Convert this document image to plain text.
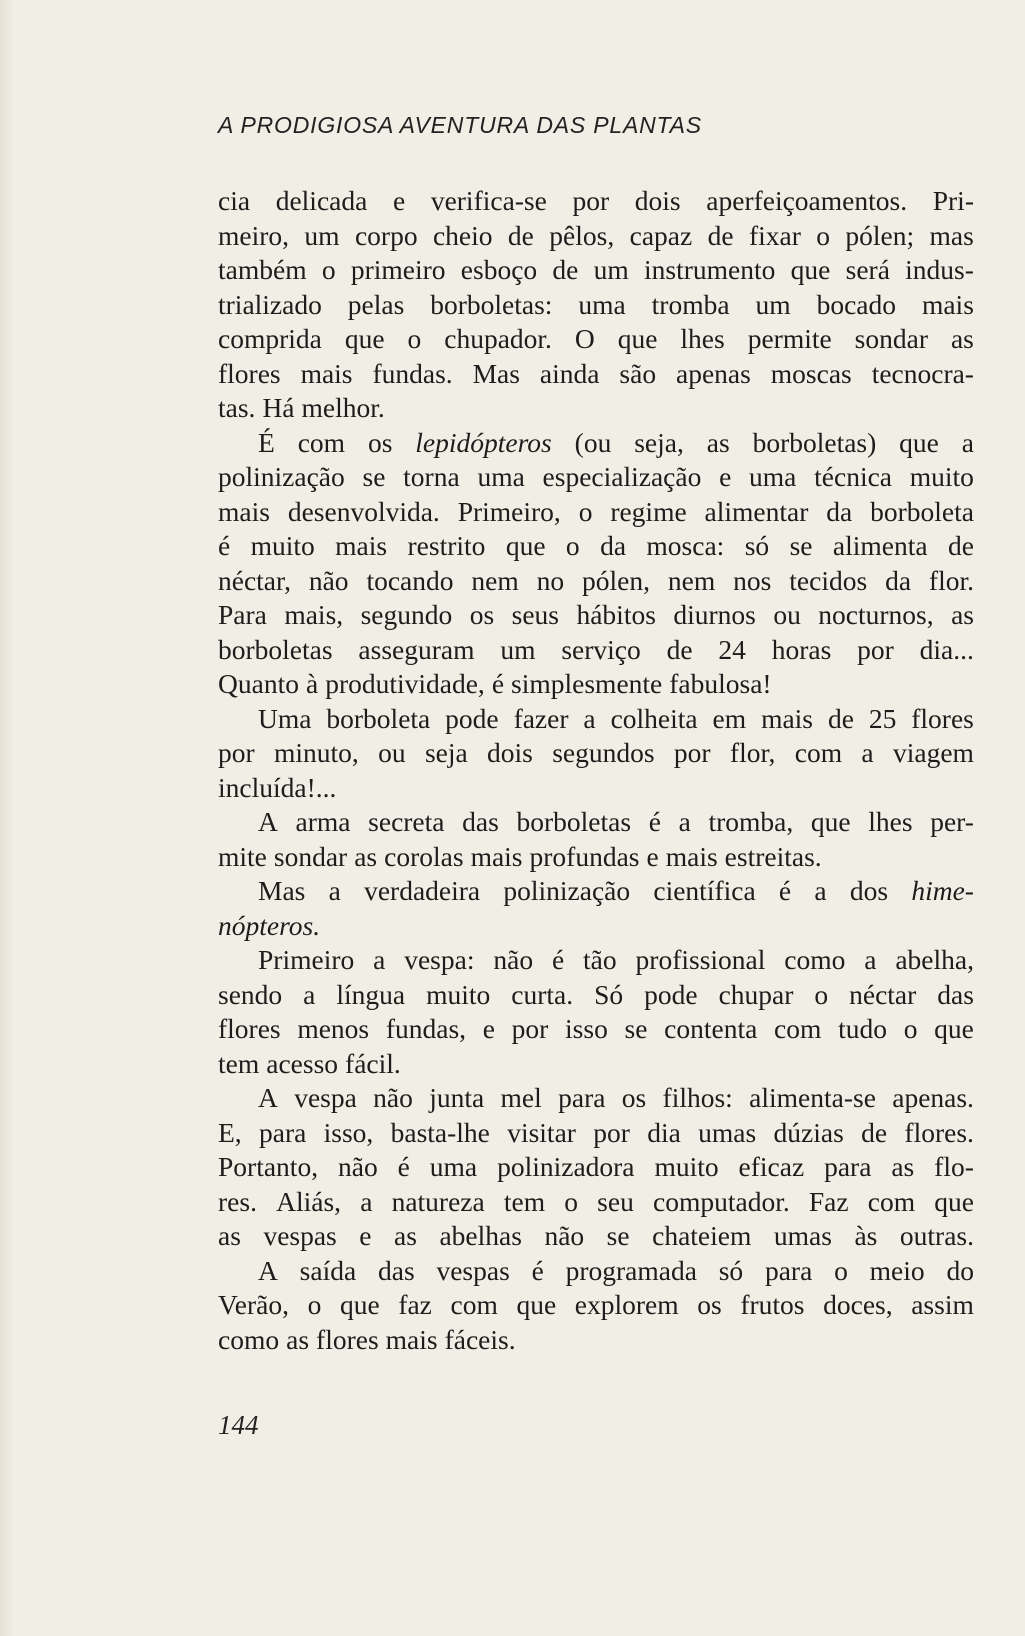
A PRODIGIOSA AVENTURA DAS PLANTAS
cia delicada e verifica-se por dois aperfeiçoamentos. Pri-
meiro, um corpo cheio de pêlos, capaz de fixar o pólen; mas
também o primeiro esboço de um instrumento que será indus-
trializado pelas borboletas: uma tromba um bocado mais
comprida que o chupador. O que lhes permite sondar as
flores mais fundas. Mas ainda são apenas moscas tecnocra-
tas. Há melhor.
É com os lepidópteros (ou seja, as borboletas) que a
polinização se torna uma especialização e uma técnica muito
mais desenvolvida. Primeiro, o regime alimentar da borboleta
é muito mais restrito que o da mosca: só se alimenta de
néctar, não tocando nem no pólen, nem nos tecidos da flor.
Para mais, segundo os seus hábitos diurnos ou nocturnos, as
borboletas asseguram um serviço de 24 horas por dia...
Quanto à produtividade, é simplesmente fabulosa!
Uma borboleta pode fazer a colheita em mais de 25 flores
por minuto, ou seja dois segundos por flor, com a viagem
incluída!...
A arma secreta das borboletas é a tromba, que lhes per-
mite sondar as corolas mais profundas e mais estreitas.
Mas a verdadeira polinização científica é a dos hime-
nópteros.
Primeiro a vespa: não é tão profissional como a abelha,
sendo a língua muito curta. Só pode chupar o néctar das
flores menos fundas, e por isso se contenta com tudo o que
tem acesso fácil.
A vespa não junta mel para os filhos: alimenta-se apenas.
E, para isso, basta-lhe visitar por dia umas dúzias de flores.
Portanto, não é uma polinizadora muito eficaz para as flo-
res. Aliás, a natureza tem o seu computador. Faz com que
as vespas e as abelhas não se chateiem umas às outras.
A saída das vespas é programada só para o meio do
Verão, o que faz com que explorem os frutos doces, assim
como as flores mais fáceis.
144
